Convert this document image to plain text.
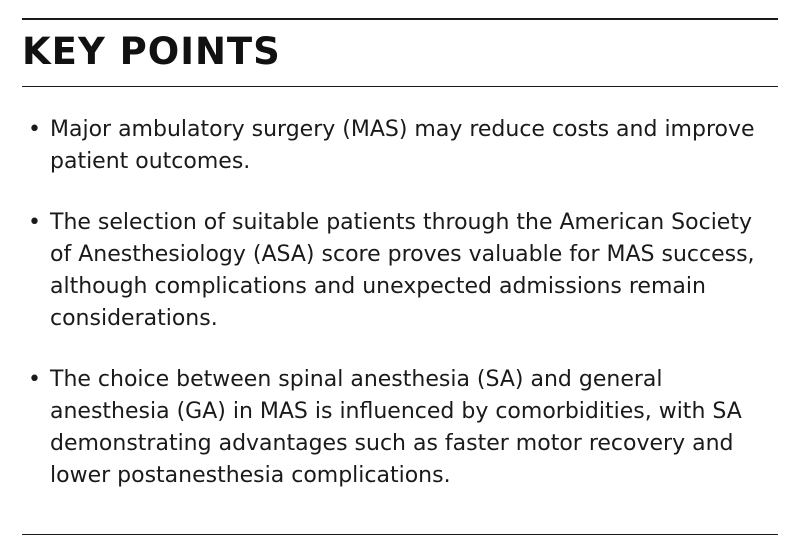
KEY POINTS
• Major ambulatory surgery (MAS) may reduce costs and improve patient outcomes.
• The selection of suitable patients through the American Society of Anesthesiology (ASA) score proves valuable for MAS success, although complications and unexpected admissions remain considerations.
• The choice between spinal anesthesia (SA) and general anesthesia (GA) in MAS is influenced by comorbidities, with SA demonstrating advantages such as faster motor recovery and lower postanesthesia complications.
